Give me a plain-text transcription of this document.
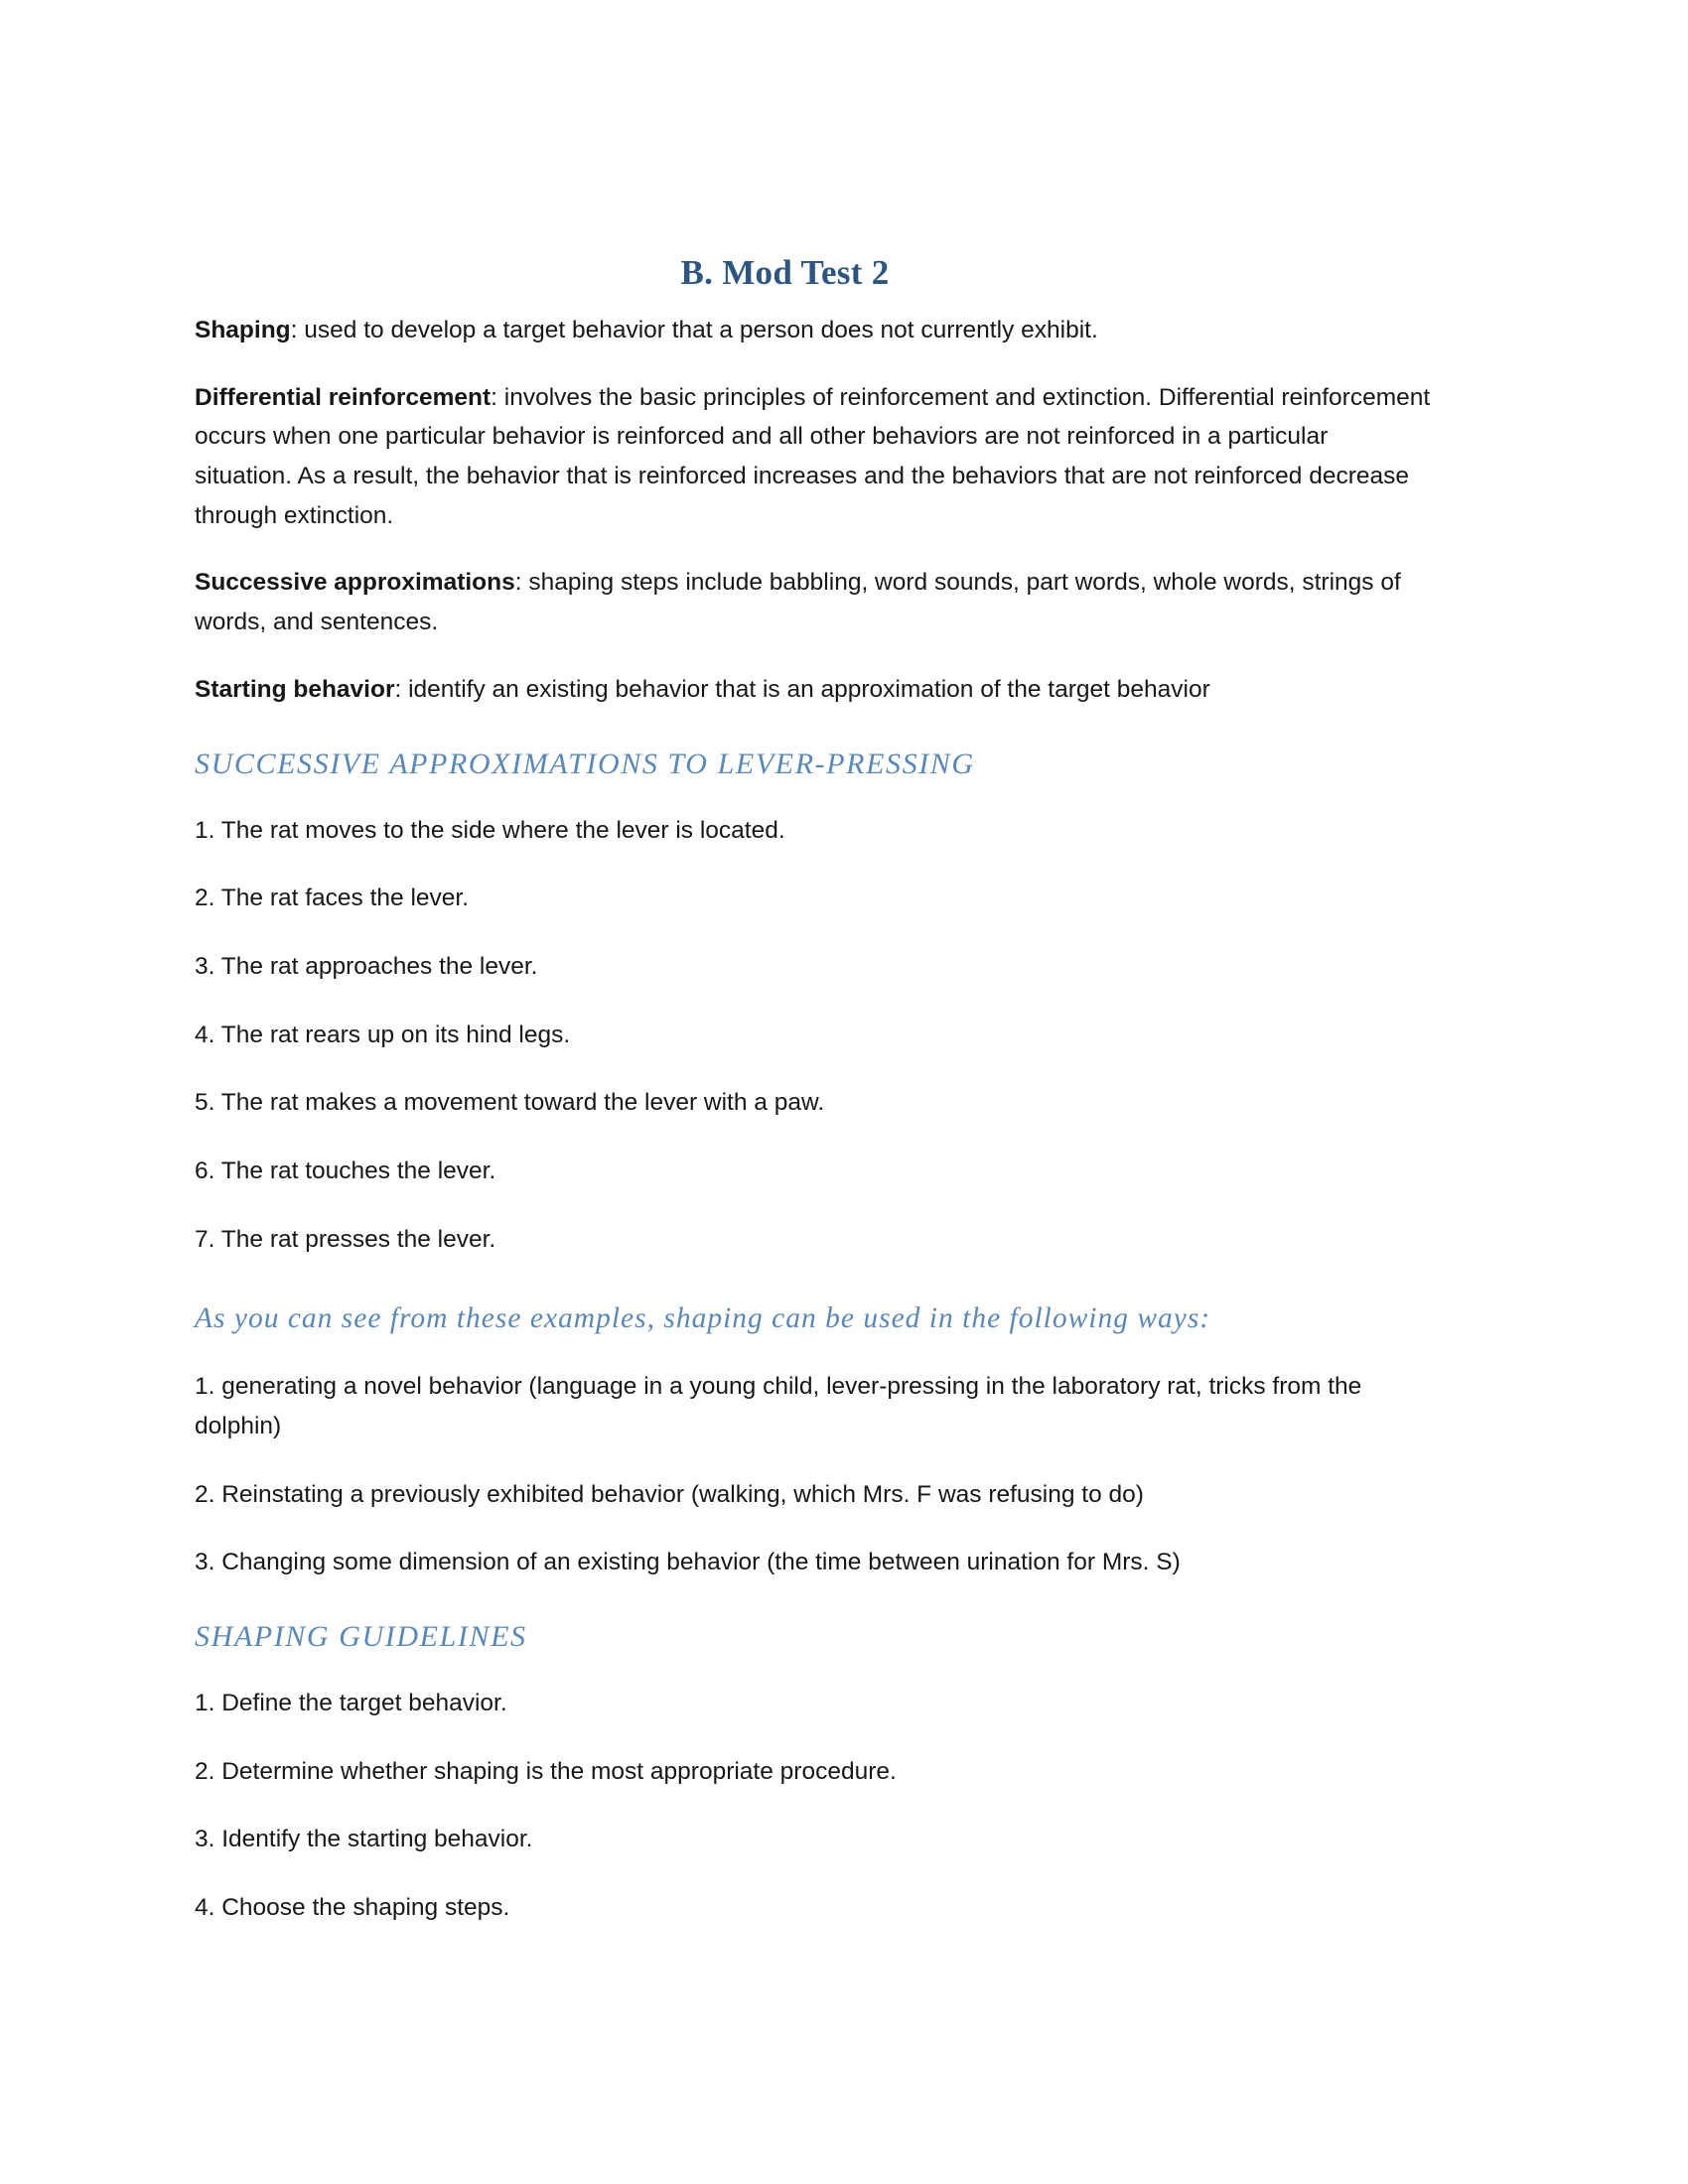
B. Mod Test 2

Shaping: used to develop a target behavior that a person does not currently exhibit.

Differential reinforcement: involves the basic principles of reinforcement and extinction. Differential reinforcement occurs when one particular behavior is reinforced and all other behaviors are not reinforced in a particular situation. As a result, the behavior that is reinforced increases and the behaviors that are not reinforced decrease through extinction.

Successive approximations: shaping steps include babbling, word sounds, part words, whole words, strings of words, and sentences.

Starting behavior: identify an existing behavior that is an approximation of the target behavior

SUCCESSIVE APPROXIMATIONS TO LEVER-PRESSING

1. The rat moves to the side where the lever is located.

2. The rat faces the lever.

3. The rat approaches the lever.

4. The rat rears up on its hind legs.

5. The rat makes a movement toward the lever with a paw.

6. The rat touches the lever.

7. The rat presses the lever.

As you can see from these examples, shaping can be used in the following ways:

1. generating a novel behavior (language in a young child, lever-pressing in the laboratory rat, tricks from the dolphin)

2. Reinstating a previously exhibited behavior (walking, which Mrs. F was refusing to do)

3. Changing some dimension of an existing behavior (the time between urination for Mrs. S)

SHAPING GUIDELINES

1. Define the target behavior.

2. Determine whether shaping is the most appropriate procedure.

3. Identify the starting behavior.

4. Choose the shaping steps.
